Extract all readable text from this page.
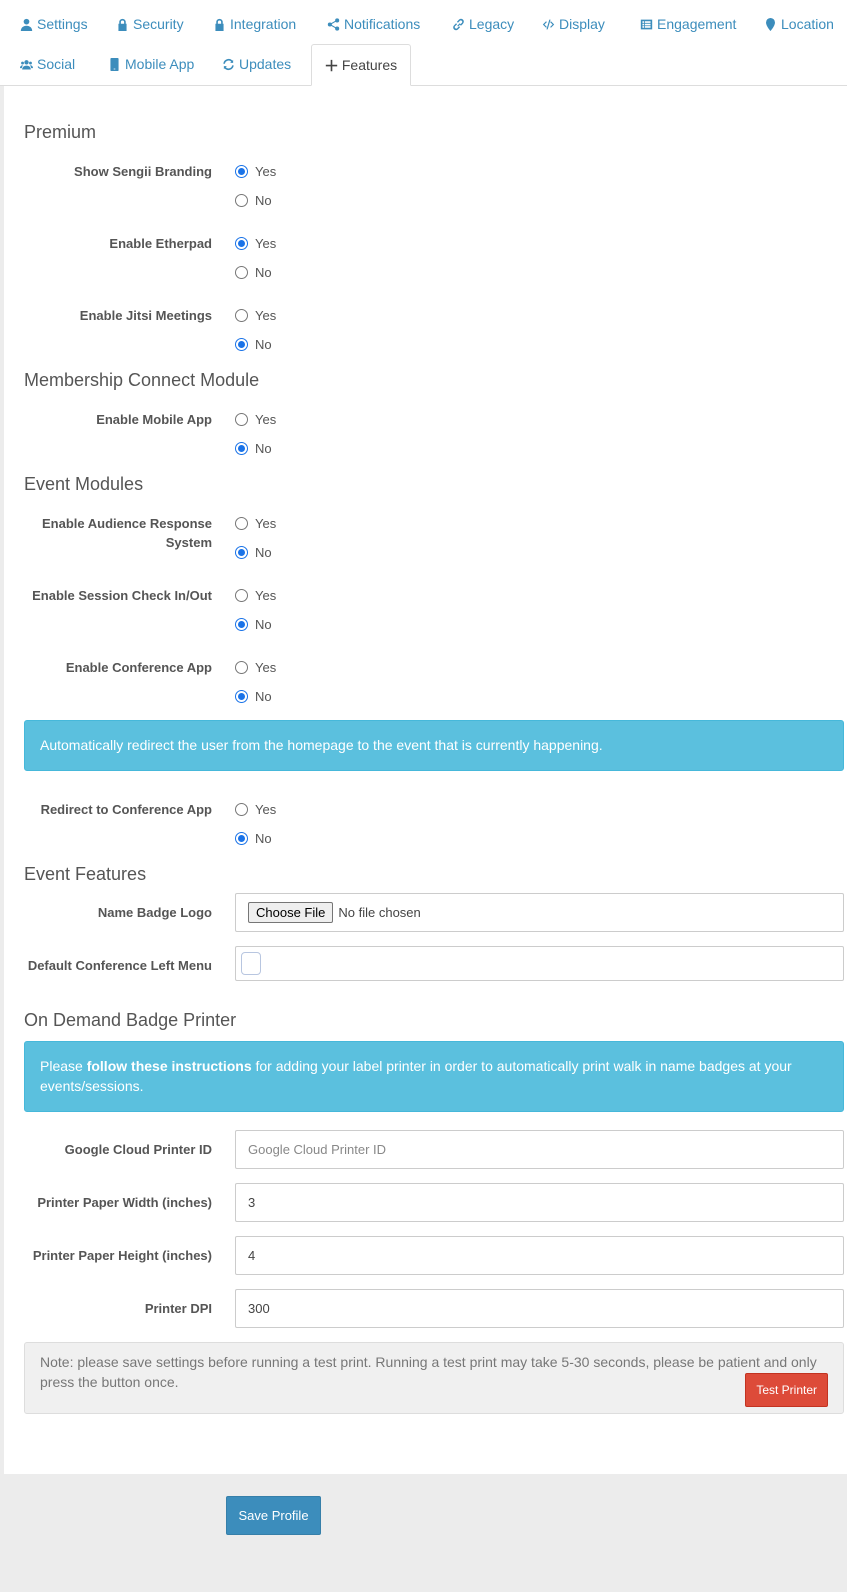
Settings	Security	Integration	Notifications	Legacy	Display	Engagement	Location
Social	Mobile App	Updates	Features
Premium
Show Sengii Branding	Yes
No
Enable Etherpad	Yes
No
Enable Jitsi Meetings	Yes
No
Membership Connect Module
Enable Mobile App	Yes
No
Event Modules
Enable Audience Response System
Yes
No
Enable Session Check In/Out	Yes
No
Enable Conference App	Yes
No
Automatically redirect the user from the homepage to the event that is currently happening.
Redirect to Conference App	Yes
No
Event Features
Name Badge Logo	Choose File	No file chosen
Default Conference Left Menu
On Demand Badge Printer
Please follow these instructions for adding your label printer in order to automatically print walk in name badges at your events/sessions.
Google Cloud Printer ID	Google Cloud Printer ID
Printer Paper Width (inches)	3
Printer Paper Height (inches)	4
Printer DPI	300
Note: please save settings before running a test print. Running a test print may take 5-30 seconds, please be patient and only press the button once.	Test Printer
Save Profile
